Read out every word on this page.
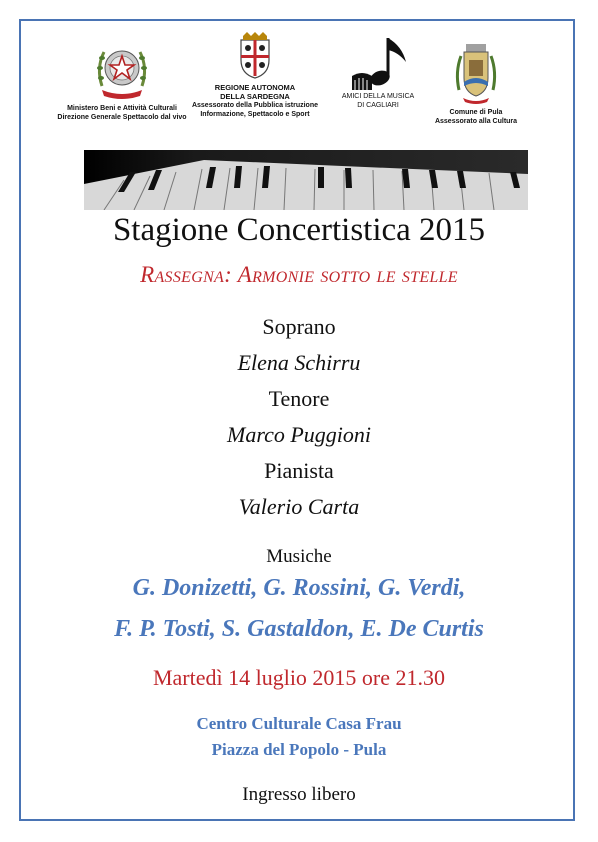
Ministero Beni e Attività Culturali
Direzione Generale Spettacolo dal vivo
REGIONE AUTONOMA
DELLA SARDEGNA
Assessorato della Pubblica istruzione
Informazione, Spettacolo e Sport
AMICI DELLA MUSICA
DI CAGLIARI
Comune di Pula
Assessorato alla Cultura
Stagione Concertistica 2015
Rassegna: Armonie sotto le stelle
Soprano
Elena Schirru
Tenore
Marco Puggioni
Pianista
Valerio Carta
Musiche
G. Donizetti, G. Rossini, G. Verdi,
F. P. Tosti, S. Gastaldon, E. De Curtis
Martedì 14 luglio 2015 ore 21.30
Centro Culturale Casa Frau
Piazza del Popolo - Pula
Ingresso libero
